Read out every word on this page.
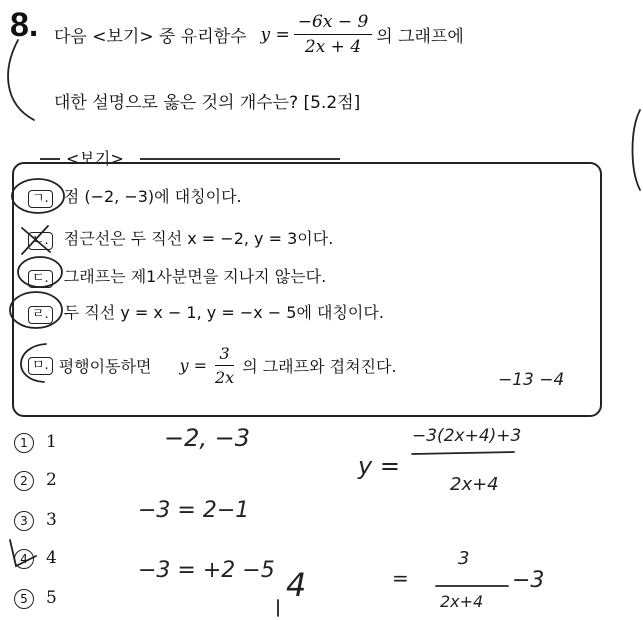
8. 다음 <보기> 중 유리함수 $y = \frac{-6x - 9}{2x + 4}$ 의 그래프에
대한 설명으로 옳은 것의 개수는? [5.2점]
<보기>
ㄱ. 점 (−2, −3)에 대칭이다.
ㄴ. 점근선은 두 직선 x = −2, y = 3이다.
ㄷ. 그래프는 제1사분면을 지나지 않는다.
ㄹ. 두 직선 y = x − 1, y = −x − 5에 대칭이다.
ㅁ. 평행이동하면 $y = \frac{3}{2x}$ 의 그래프와 겹쳐진다.
1 1
2 2
3 3
4 4
5 5
−13 −4
−2, −3
y =
−3(2x+4)+3
2x+4
−3 = 2−1
−3 = +2 −5 4	=
3
2x+4
−3
